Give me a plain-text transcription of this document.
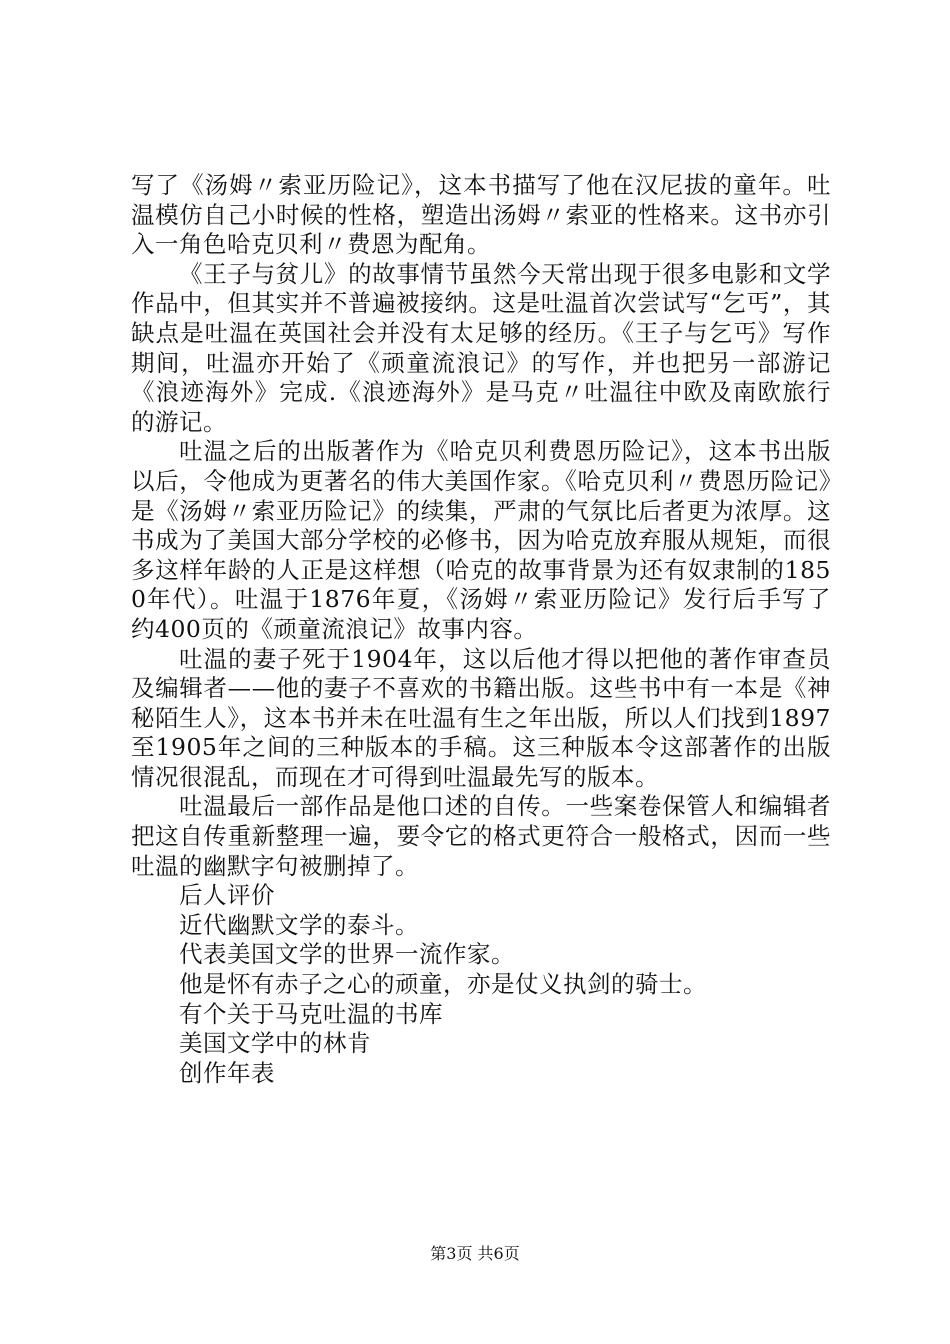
写了《汤姆〃索亚历险记》，这本书描写了他在汉尼拔的童年。吐温模仿自己小时候的性格，塑造出汤姆〃索亚的性格来。这书亦引入一角色哈克贝利〃费恩为配角。

《王子与贫儿》的故事情节虽然今天常出现于很多电影和文学作品中，但其实并不普遍被接纳。这是吐温首次尝试写“乞丐”，其缺点是吐温在英国社会并没有太足够的经历。《王子与乞丐》写作期间，吐温亦开始了《顽童流浪记》的写作，并也把另一部游记《浪迹海外》完成.《浪迹海外》是马克〃吐温往中欧及南欧旅行的游记。

吐温之后的出版著作为《哈克贝利费恩历险记》，这本书出版以后，令他成为更著名的伟大美国作家。《哈克贝利〃费恩历险记》是《汤姆〃索亚历险记》的续集，严肃的气氛比后者更为浓厚。这书成为了美国大部分学校的必修书，因为哈克放弃服从规矩，而很多这样年龄的人正是这样想（哈克的故事背景为还有奴隶制的1850年代）。吐温于1876年夏，《汤姆〃索亚历险记》发行后手写了约400页的《顽童流浪记》故事内容。

吐温的妻子死于1904年，这以后他才得以把他的著作审查员及编辑者——他的妻子不喜欢的书籍出版。这些书中有一本是《神秘陌生人》，这本书并未在吐温有生之年出版，所以人们找到1897至1905年之间的三种版本的手稿。这三种版本令这部著作的出版情况很混乱，而现在才可得到吐温最先写的版本。

吐温最后一部作品是他口述的自传。一些案卷保管人和编辑者把这自传重新整理一遍，要令它的格式更符合一般格式，因而一些吐温的幽默字句被删掉了。

后人评价

近代幽默文学的泰斗。

代表美国文学的世界一流作家。

他是怀有赤子之心的顽童，亦是仗义执剑的骑士。

有个关于马克吐温的书库

美国文学中的林肯

创作年表

第3页 共6页
